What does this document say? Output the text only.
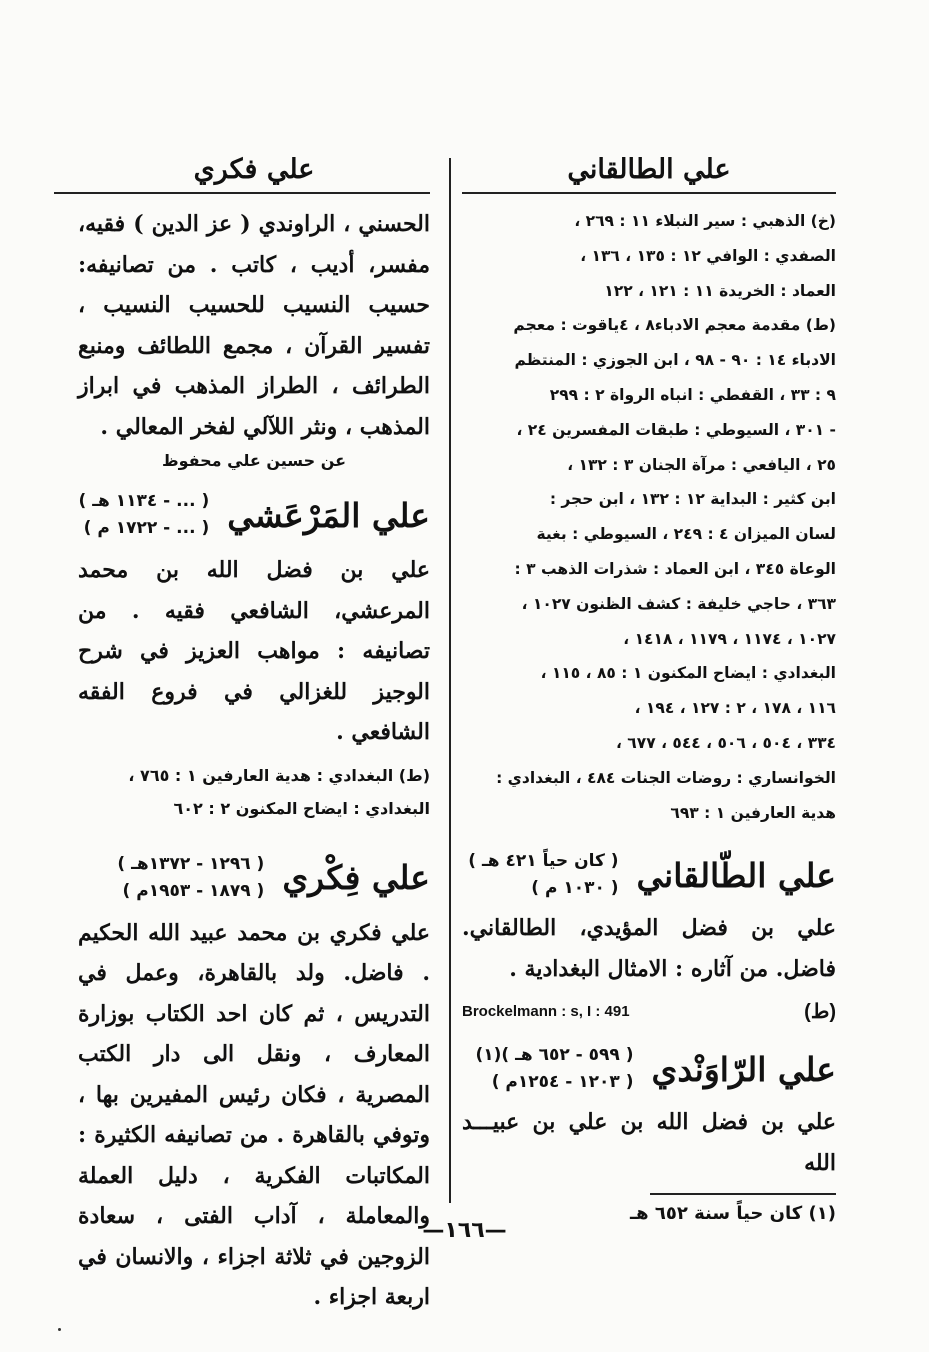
علي الطالقاني
(خ) الذهبي : سير النبلاء ١١ : ٢٦٩ ،
الصفدي : الوافي ١٢ : ١٣٥ ، ١٣٦ ،
العماد : الخريدة ١١ : ١٢١ ، ١٢٢
(ط) مقدمة معجم الادباء٨ ، ٤ياقوت : معجم
الادباء ١٤ : ٩٠ - ٩٨ ، ابن الجوزي : المنتظم
٩ : ٣٣ ، القفطي : انباه الرواة ٢ : ٢٩٩
- ٣٠١ ، السيوطي : طبقات المفسرين ٢٤ ،
٢٥ ، اليافعي : مرآة الجنان ٣ : ١٣٢ ،
ابن كثير : البداية ١٢ : ١٣٢ ، ابن حجر :
لسان الميزان ٤ : ٢٤٩ ، السيوطي : بغية
الوعاة ٣٤٥ ، ابن العماد : شذرات الذهب ٣ :
٣٦٣ ، حاجي خليفة : كشف الظنون ١٠٢٧ ،
١٠٢٧ ، ١١٧٤ ، ١١٧٩ ، ١٤١٨ ،
البغدادي : ايضاح المكنون ١ : ٨٥ ، ١١٥ ،
١١٦ ، ١٧٨ ، ٢ : ١٢٧ ، ١٩٤ ،
٣٣٤ ، ٥٠٤ ، ٥٠٦ ، ٥٤٤ ، ٦٧٧ ،
الخوانساري : روضات الجنات ٤٨٤ ، البغدادي :
هدية العارفين ١ : ٦٩٣
علي الطّالقاني
( كان حياً ٤٢١ هـ )
( ١٠٣٠ م )

علي بن فضل المؤيدي، الطالقاني. فاضل. من آثاره : الامثال البغدادية .

Brockelmann : s, I : 491	(ط)
علي الرّاوَنْدي
( ٥٩٩ - ٦٥٢ هـ )(١)
( ١٢٠٣ - ١٢٥٤م )

علي بن فضل الله بن علي بن عبيـــد الله

(١) كان حياً سنة ٦٥٢ هـ
علي فكري

الحسني ، الراوندي ( عز الدين ) فقيه، مفسر، أديب ، كاتب . من تصانيفه: حسيب النسيب للحسيب النسيب ، تفسير القرآن ، مجمع اللطائف ومنبع الطرائف ، الطراز المذهب في ابراز المذهب ، ونثر اللآلي لفخر المعالي .

عن حسين علي محفوظ
علي المَرْعَشي
( ... - ١١٣٤ هـ )
( ... - ١٧٢٢ م )

علي بن فضل الله بن محمد المرعشي، الشافعي فقيه . من تصانيفه : مواهب العزيز في شرح الوجيز للغزالي في فروع الفقه الشافعي .

(ط) البغدادي : هدية العارفين ١ : ٧٦٥ ،
البغدادي : ايضاح المكنون ٢ : ٦٠٢
علي فِكْري
( ١٢٩٦ - ١٣٧٢هـ )
( ١٨٧٩ - ١٩٥٣م )

علي فكري بن محمد عبيد الله الحكيم . فاضل. ولد بالقاهرة، وعمل في التدريس ، ثم كان احد الكتاب بوزارة المعارف ، ونقل الى دار الكتب المصرية ، فكان رئيس المفيرين بها ، وتوفي بالقاهرة . من تصانيفه الكثيرة : المكاتبات الفكرية ، دليل العملة والمعاملة ، آداب الفتى ، سعادة الزوجين في ثلاثة اجزاء ، والانسان في اربعة اجزاء .

—١٦٦—
